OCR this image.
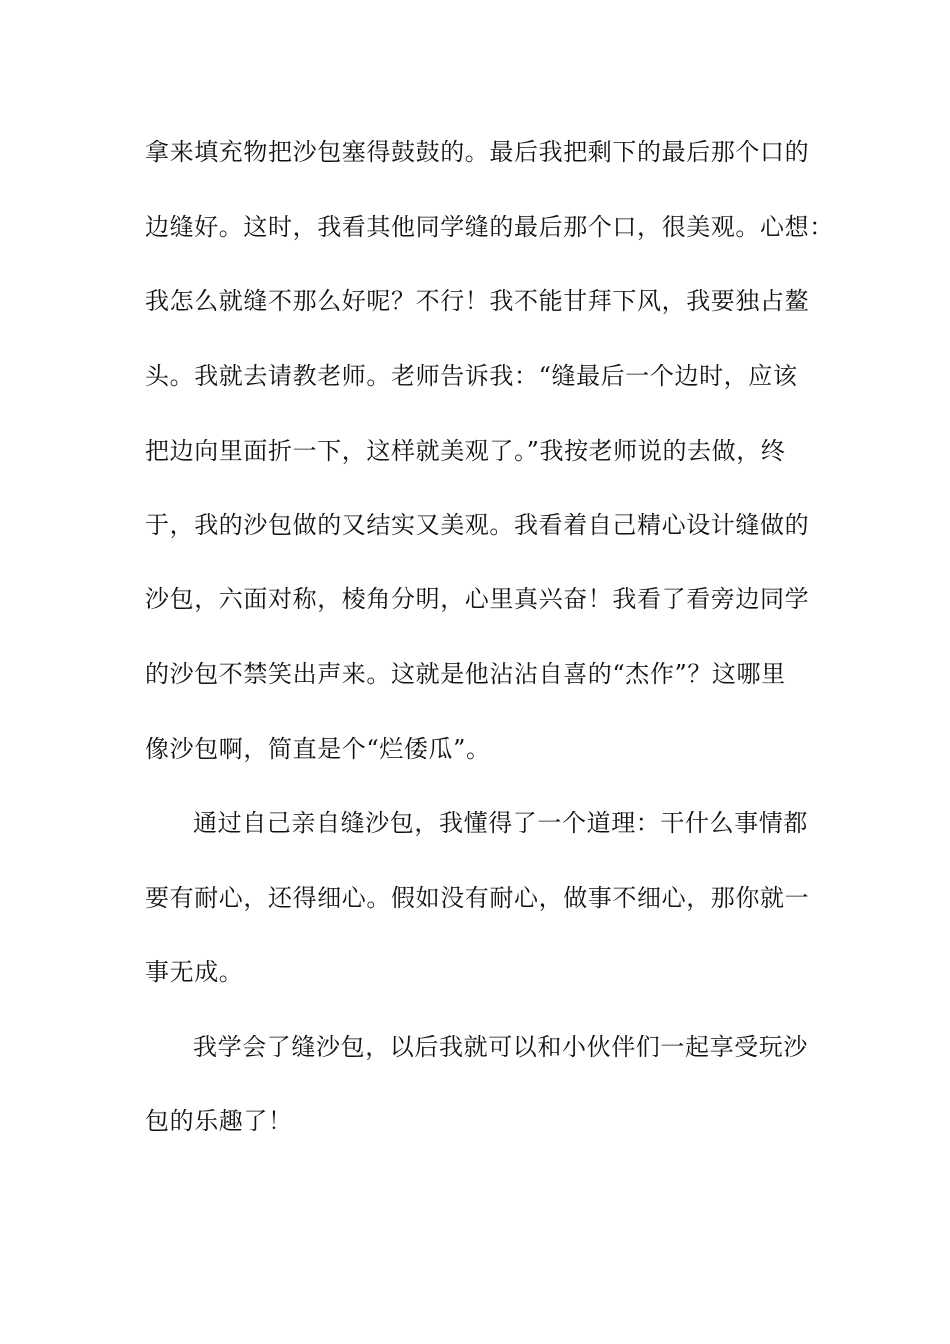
拿来填充物把沙包塞得鼓鼓的。最后我把剩下的最后那个口的
边缝好。这时，我看其他同学缝的最后那个口，很美观。心想：
我怎么就缝不那么好呢？不行！我不能甘拜下风，我要独占鳌
头。我就去请教老师。老师告诉我：“缝最后一个边时，应该
把边向里面折一下，这样就美观了。”我按老师说的去做，终
于，我的沙包做的又结实又美观。我看着自己精心设计缝做的
沙包，六面对称，棱角分明，心里真兴奋！我看了看旁边同学
的沙包不禁笑出声来。这就是他沾沾自喜的“杰作”？这哪里
像沙包啊，简直是个“烂倭瓜”。
通过自己亲自缝沙包，我懂得了一个道理：干什么事情都
要有耐心，还得细心。假如没有耐心，做事不细心，那你就一
事无成。
我学会了缝沙包，以后我就可以和小伙伴们一起享受玩沙
包的乐趣了！
